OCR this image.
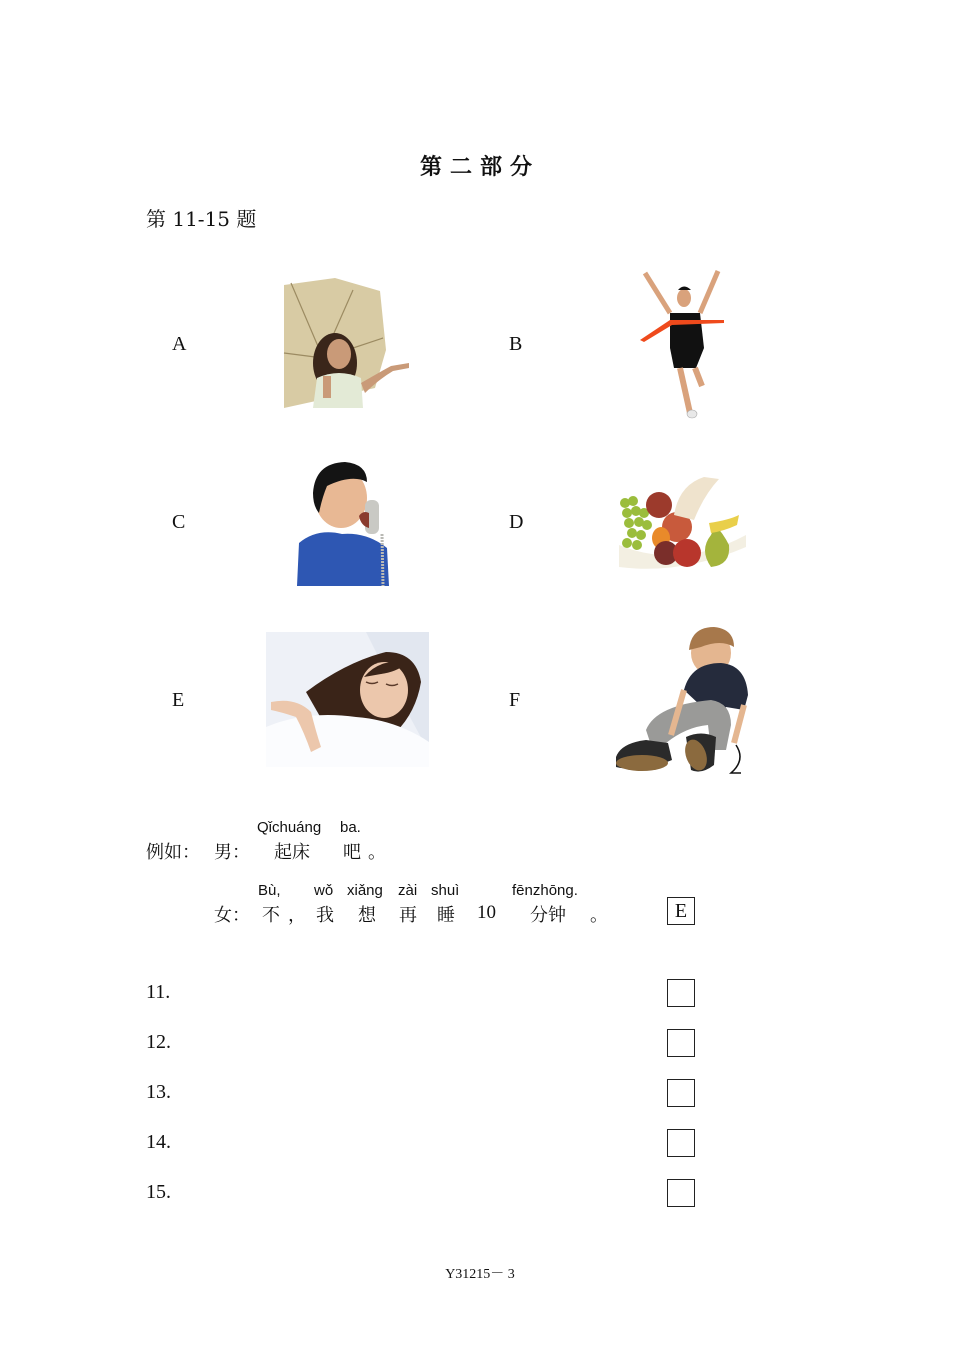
第二部分
第 11-15 题
A	B
C	D
E	F
例如： 男：
Qǐchuáng
起床
ba.
吧 。
女：
Bù,
不 ，
wǒ
我
xiǎng
想
zài
再
shuì
睡 10
fēnzhōng.
分钟 。	E
11.
12.
13.
14.
15.
Y31215－ 3
